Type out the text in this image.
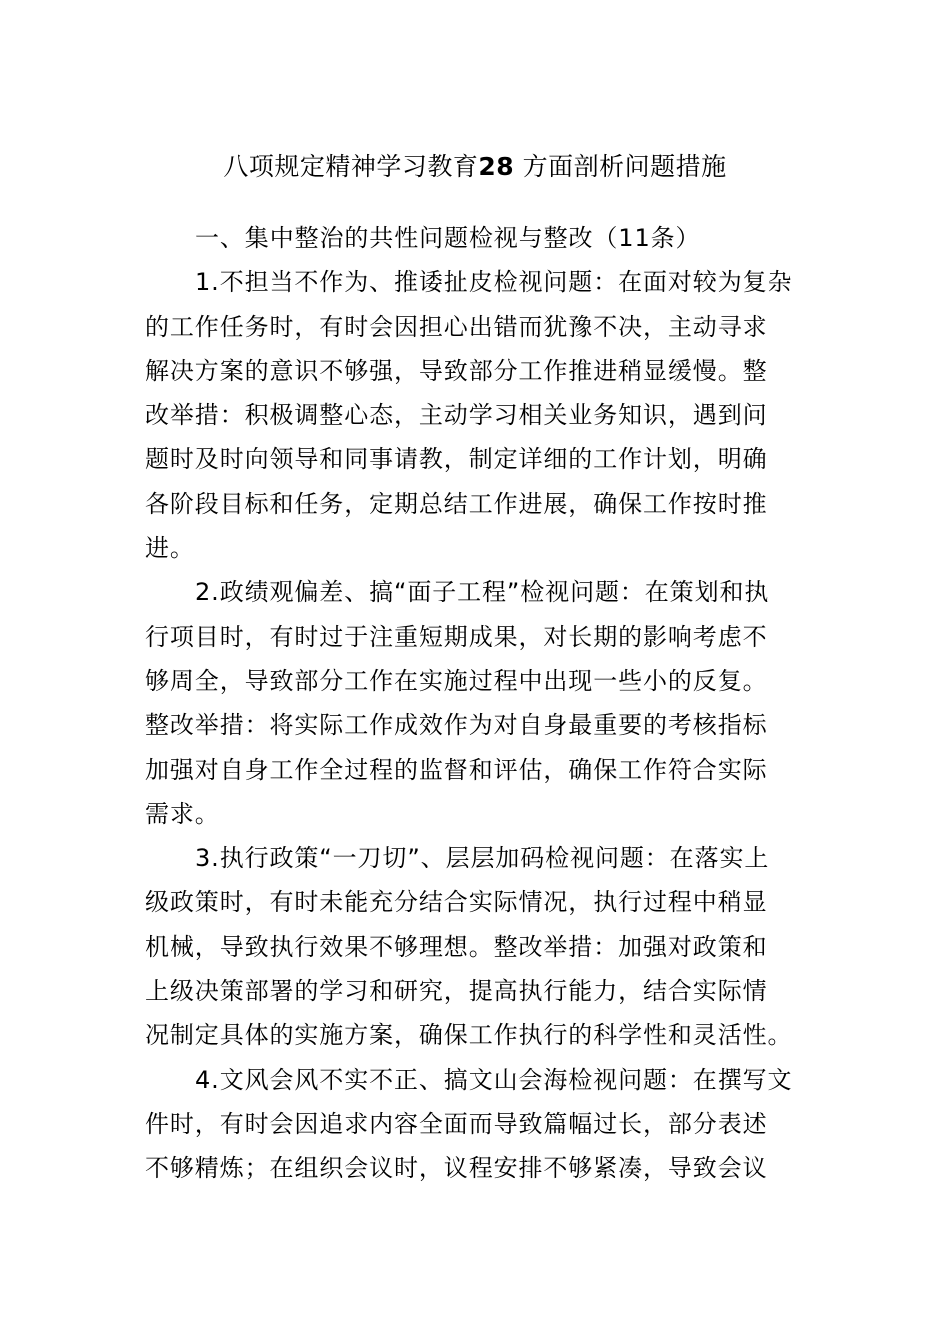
八项规定精神学习教育28 方面剖析问题措施
一、集中整治的共性问题检视与整改（11条）
1.不担当不作为、推诿扯皮检视问题：在面对较为复杂
的工作任务时，有时会因担心出错而犹豫不决，主动寻求
解决方案的意识不够强，导致部分工作推进稍显缓慢。整
改举措：积极调整心态，主动学习相关业务知识，遇到问
题时及时向领导和同事请教，制定详细的工作计划，明确
各阶段目标和任务，定期总结工作进展，确保工作按时推
进。
2.政绩观偏差、搞“面子工程”检视问题：在策划和执
行项目时，有时过于注重短期成果，对长期的影响考虑不
够周全，导致部分工作在实施过程中出现一些小的反复。
整改举措：将实际工作成效作为对自身最重要的考核指标
加强对自身工作全过程的监督和评估，确保工作符合实际
需求。
3.执行政策“一刀切”、层层加码检视问题：在落实上
级政策时，有时未能充分结合实际情况，执行过程中稍显
机械，导致执行效果不够理想。整改举措：加强对政策和
上级决策部署的学习和研究，提高执行能力，结合实际情
况制定具体的实施方案，确保工作执行的科学性和灵活性。
4.文风会风不实不正、搞文山会海检视问题：在撰写文
件时，有时会因追求内容全面而导致篇幅过长，部分表述
不够精炼；在组织会议时，议程安排不够紧凑，导致会议
